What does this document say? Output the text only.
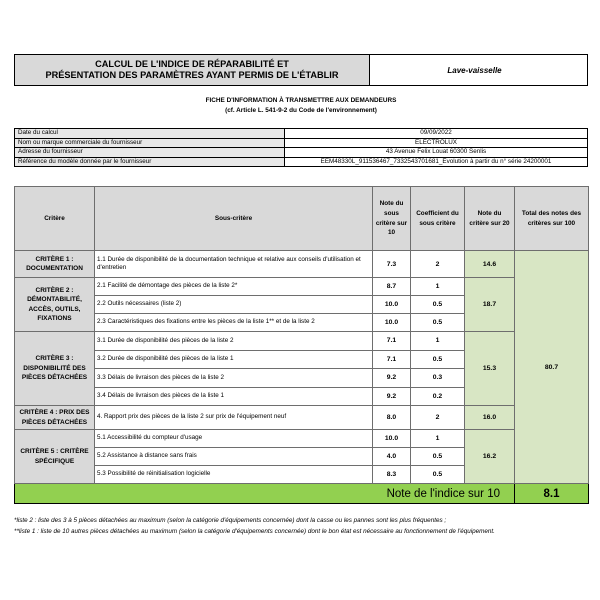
CALCUL DE L'INDICE DE RÉPARABILITÉ ET
PRÉSENTATION DES PARAMÈTRES AYANT PERMIS DE L'ÉTABLIR	Lave-vaisselle
FICHE D'INFORMATION À TRANSMETTRE AUX DEMANDEURS
(cf. Article L. 541-9-2 du Code de l'environnement)
Date du calcul	09/09/2022
Nom ou marque commerciale du fournisseur	ELECTROLUX
Adresse du fournisseur	43 Avenue Felix Louat 60300 Senlis
Référence du modèle donnée par le fournisseur	EEM48330L_911536467_7332543701681_Evolution à partir du n° série 24200001
Critère	Sous-critère	Note du sous critère sur 10	Coefficient du sous critère	Note du critère sur 20	Total des notes des critères sur 100
CRITÈRE 1 : DOCUMENTATION	1.1 Durée de disponibilité de la documentation technique et relative aux conseils d'utilisation et d'entretien	7.3	2	14.6	80.7
CRITÈRE 2 : DÉMONTABILITÉ, ACCÈS, OUTILS, FIXATIONS	2.1 Facilité de démontage des pièces de la liste 2*	8.7	1	18.7	
	2.2 Outils nécessaires (liste 2)	10.0	0.5		
	2.3 Caractéristiques des fixations entre les pièces de la liste 1** et de la liste 2	10.0	0.5		
CRITÈRE 3 : DISPONIBILITÉ DES PIÈCES DÉTACHÉES	3.1 Durée de disponibilité des pièces de la liste 2	7.1	1	15.3	
	3.2 Durée de disponibilité des pièces de la liste 1	7.1	0.5		
	3.3 Délais de livraison des pièces de la liste 2	9.2	0.3		
	3.4 Délais de livraison des pièces de la liste 1	9.2	0.2		
CRITÈRE 4 : PRIX DES PIÈCES DÉTACHÉES	4. Rapport prix des pièces de la liste 2 sur prix de l'équipement neuf	8.0	2	16.0	
CRITÈRE 5 : CRITÈRE SPÉCIFIQUE	5.1 Accessibilité du compteur d'usage	10.0	1	16.2	
	5.2 Assistance à distance sans frais	4.0	0.5		
	5.3 Possibilité de réinitialisation logicielle	8.3	0.5		
Note de l'indice sur 10					8.1
*liste 2 : liste des 3 à 5 pièces détachées au maximum (selon la catégorie d'équipements concernée) dont la casse ou les pannes sont les plus fréquentes ;
**liste 1 : liste de 10 autres pièces détachées au maximum (selon la catégorie d'équipements concernée) dont le bon état est nécessaire au fonctionnement de l'équipement.
